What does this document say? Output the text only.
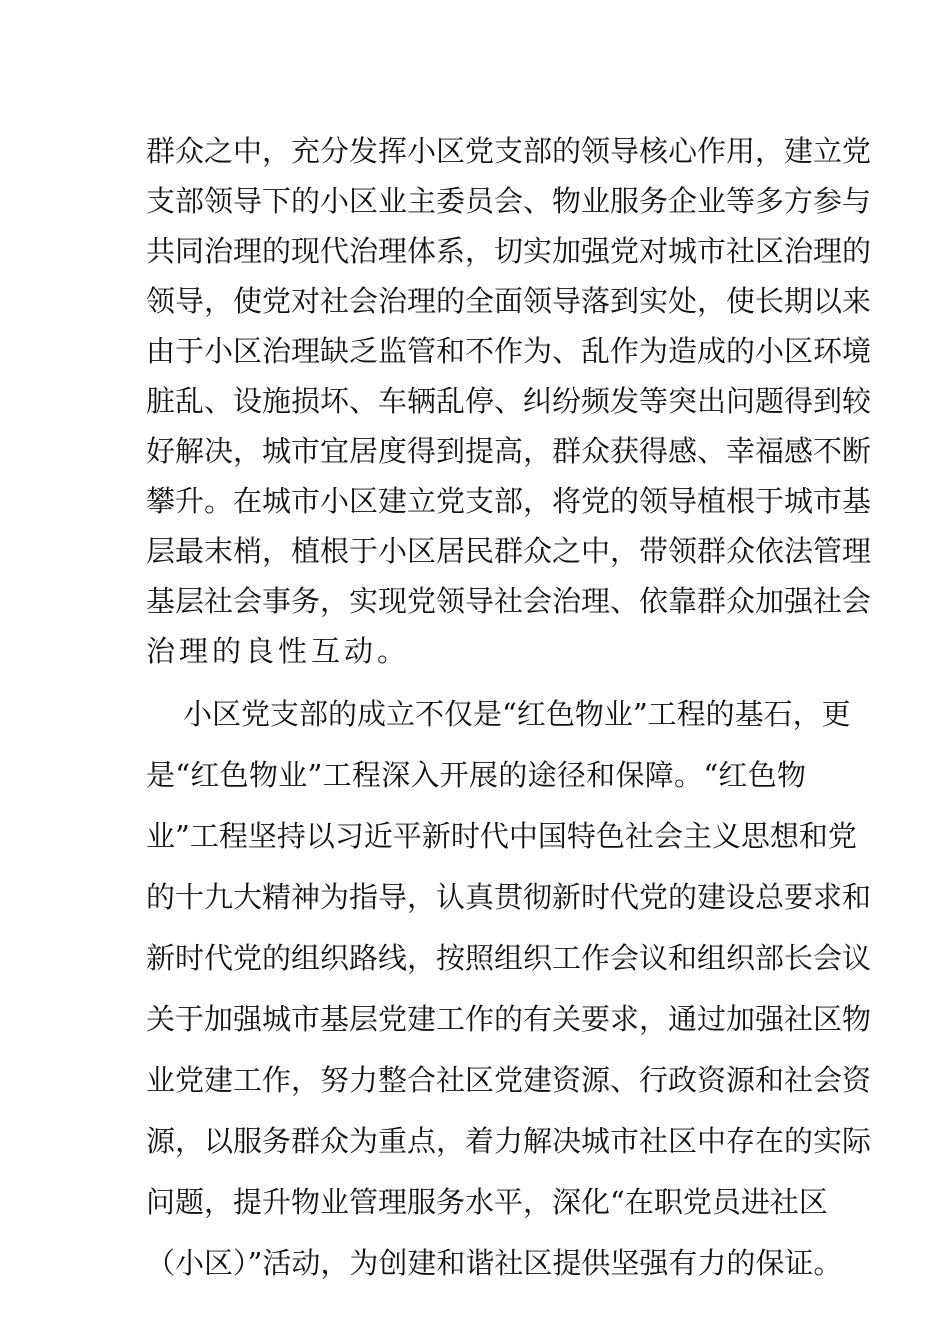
群众之中，充分发挥小区党支部的领导核心作用，建立党
支部领导下的小区业主委员会、物业服务企业等多方参与
共同治理的现代治理体系，切实加强党对城市社区治理的
领导，使党对社会治理的全面领导落到实处，使长期以来
由于小区治理缺乏监管和不作为、乱作为造成的小区环境
脏乱、设施损坏、车辆乱停、纠纷频发等突出问题得到较
好解决，城市宜居度得到提高，群众获得感、幸福感不断
攀升。在城市小区建立党支部，将党的领导植根于城市基
层最末梢，植根于小区居民群众之中，带领群众依法管理
基层社会事务，实现党领导社会治理、依靠群众加强社会
治理的良性互动。
小区党支部的成立不仅是“红色物业”工程的基石，更
是“红色物业”工程深入开展的途径和保障。“红色物
业”工程坚持以习近平新时代中国特色社会主义思想和党
的十九大精神为指导，认真贯彻新时代党的建设总要求和
新时代党的组织路线，按照组织工作会议和组织部长会议
关于加强城市基层党建工作的有关要求，通过加强社区物
业党建工作，努力整合社区党建资源、行政资源和社会资
源，以服务群众为重点，着力解决城市社区中存在的实际
问题，提升物业管理服务水平，深化“在职党员进社区
（小区）”活动，为创建和谐社区提供坚强有力的保证。
